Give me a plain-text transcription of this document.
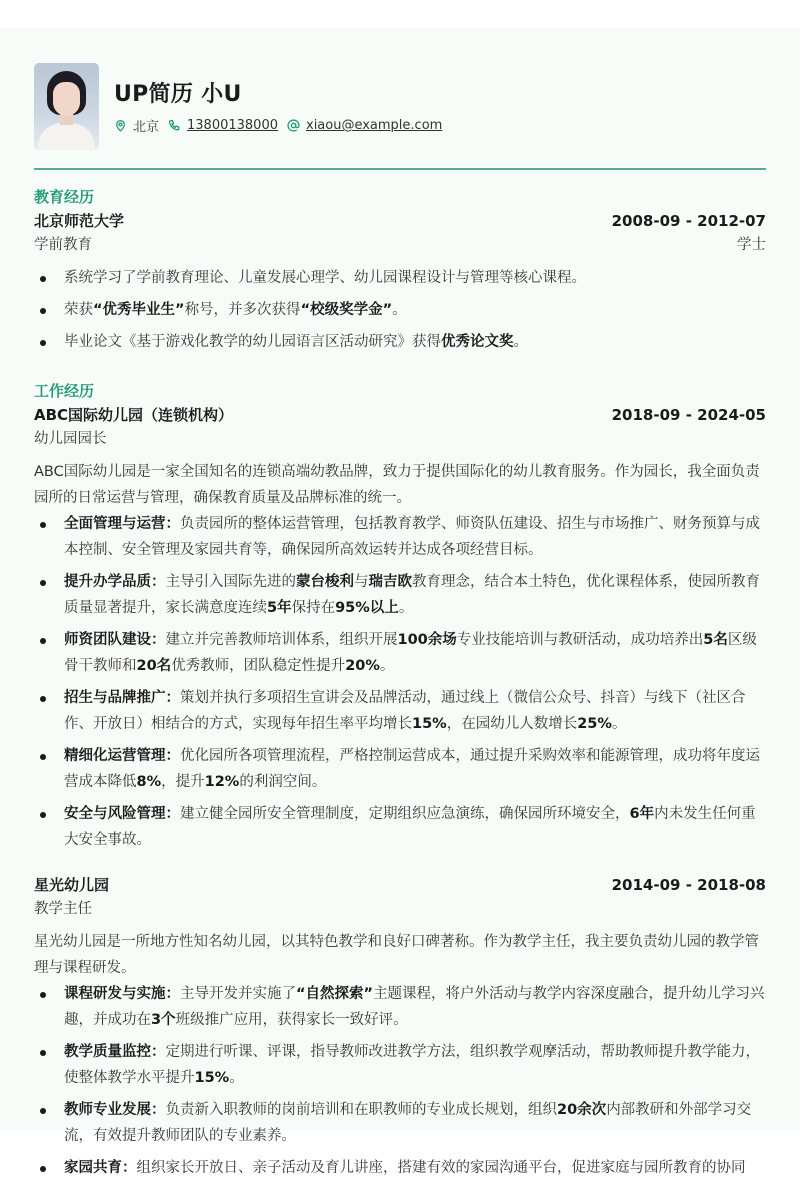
UP简历 小U
北京 13800138000 xiaou@example.com
教育经历
北京师范大学	2008-09 - 2012-07
学前教育	学士
系统学习了学前教育理论、儿童发展心理学、幼儿园课程设计与管理等核心课程。
荣获“优秀毕业生”称号，并多次获得“校级奖学金”。
毕业论文《基于游戏化教学的幼儿园语言区活动研究》获得优秀论文奖。
工作经历
ABC国际幼儿园（连锁机构）	2018-09 - 2024-05
幼儿园园长
ABC国际幼儿园是一家全国知名的连锁高端幼教品牌，致力于提供国际化的幼儿教育服务。作为园长，我全面负责园所的日常运营与管理，确保教育质量及品牌标准的统一。
全面管理与运营：负责园所的整体运营管理，包括教育教学、师资队伍建设、招生与市场推广、财务预算与成本控制、安全管理及家园共育等，确保园所高效运转并达成各项经营目标。
提升办学品质：主导引入国际先进的蒙台梭利与瑞吉欧教育理念，结合本土特色，优化课程体系，使园所教育质量显著提升，家长满意度连续5年保持在95%以上。
师资团队建设：建立并完善教师培训体系，组织开展100余场专业技能培训与教研活动，成功培养出5名区级骨干教师和20名优秀教师，团队稳定性提升20%。
招生与品牌推广：策划并执行多项招生宣讲会及品牌活动，通过线上（微信公众号、抖音）与线下（社区合作、开放日）相结合的方式，实现每年招生率平均增长15%，在园幼儿人数增长25%。
精细化运营管理：优化园所各项管理流程，严格控制运营成本，通过提升采购效率和能源管理，成功将年度运营成本降低8%，提升12%的利润空间。
安全与风险管理：建立健全园所安全管理制度，定期组织应急演练，确保园所环境安全，6年内未发生任何重大安全事故。
星光幼儿园	2014-09 - 2018-08
教学主任
星光幼儿园是一所地方性知名幼儿园，以其特色教学和良好口碑著称。作为教学主任，我主要负责幼儿园的教学管理与课程研发。
课程研发与实施：主导开发并实施了“自然探索”主题课程，将户外活动与教学内容深度融合，提升幼儿学习兴趣，并成功在3个班级推广应用，获得家长一致好评。
教学质量监控：定期进行听课、评课，指导教师改进教学方法，组织教学观摩活动，帮助教师提升教学能力，使整体教学水平提升15%。
教师专业发展：负责新入职教师的岗前培训和在职教师的专业成长规划，组织20余次内部教研和外部学习交流，有效提升教师团队的专业素养。
家园共育：组织家长开放日、亲子活动及育儿讲座，搭建有效的家园沟通平台，促进家庭与园所教育的协同
